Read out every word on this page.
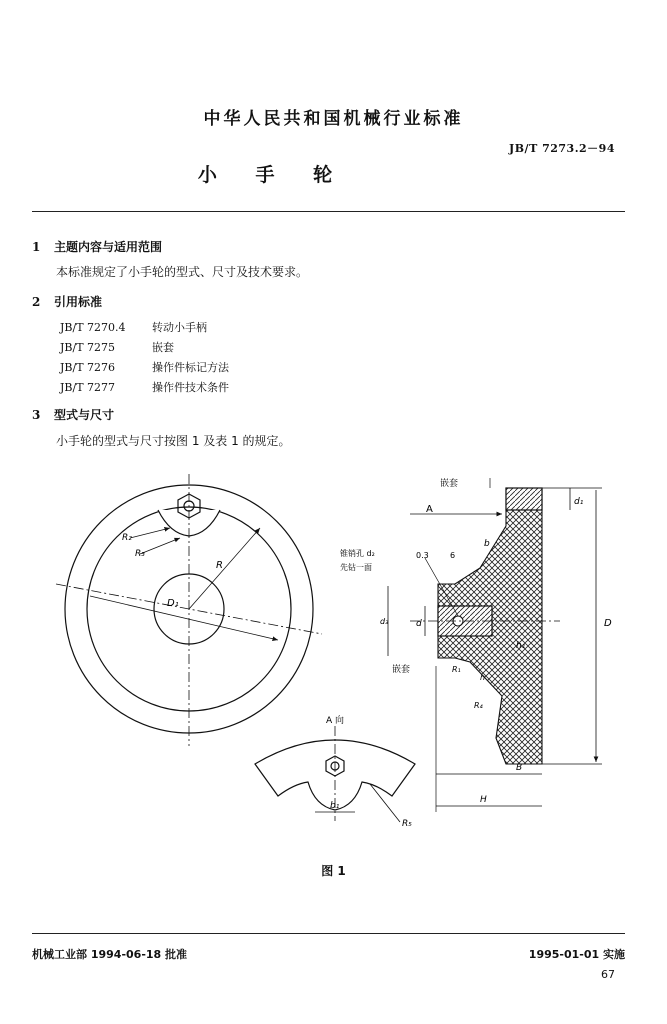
中华人民共和国机械行业标准
JB/T 7273.2－94
小 手 轮
1 主题内容与适用范围
本标准规定了小手轮的型式、尺寸及技术要求。
2 引用标准
JB/T 7270.4 转动小手柄
JB/T 7275	嵌套
JB/T 7276	操作件标记方法
JB/T 7277	操作件技术条件
3 型式与尺寸
小手轮的型式与尺寸按图 1 及表 1 的规定。
R₂
R₃
R
D₁
A 向
b₁
R₅
嵌套
A
d₁
锥销孔 d₂
先钻一面
0.3	6
b
d₃	d
h₁
D
嵌套	R₁
h
R₄
B
H
图 1
机械工业部 1994-06-18 批准	1995-01-01 实施
67
